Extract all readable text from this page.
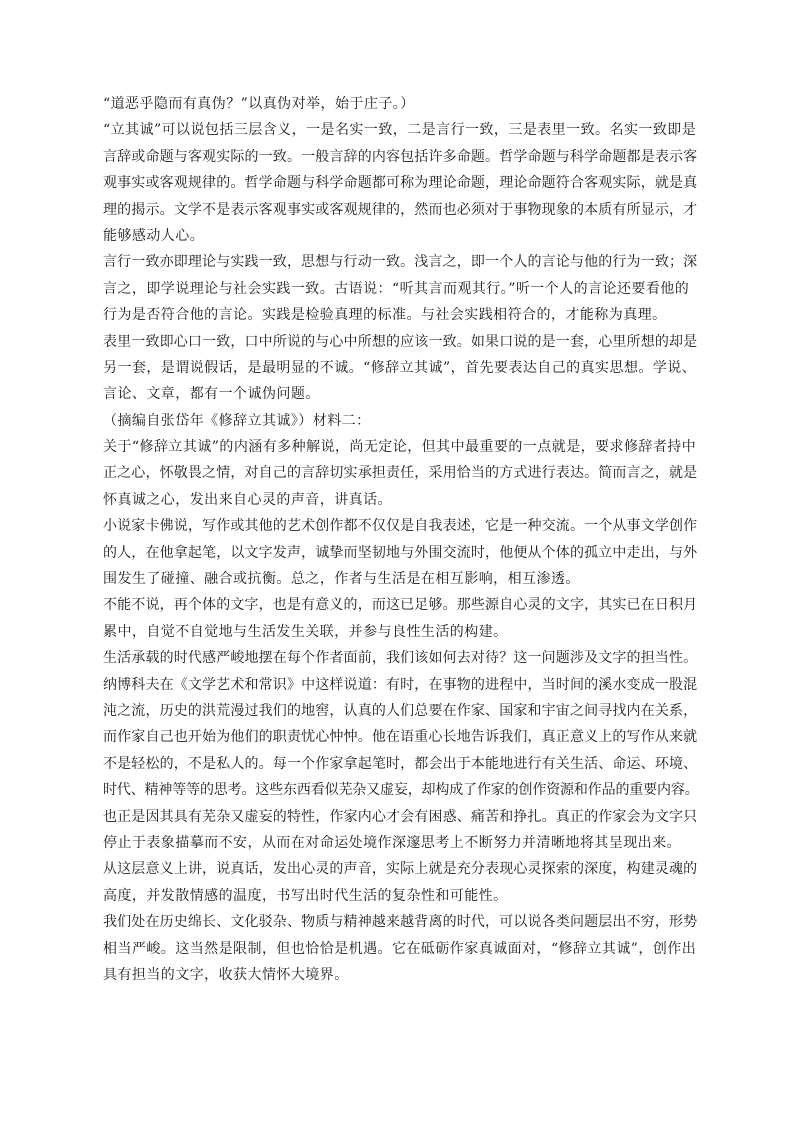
“道恶乎隐而有真伪？”以真伪对举，始于庄子。）
“立其诚”可以说包括三层含义，一是名实一致，二是言行一致，三是表里一致。名实一致即是
言辞或命题与客观实际的一致。一般言辞的内容包括许多命题。哲学命题与科学命题都是表示客
观事实或客观规律的。哲学命题与科学命题都可称为理论命题，理论命题符合客观实际，就是真
理的揭示。文学不是表示客观事实或客观规律的，然而也必须对于事物现象的本质有所显示，才
能够感动人心。
言行一致亦即理论与实践一致，思想与行动一致。浅言之，即一个人的言论与他的行为一致；深
言之，即学说理论与社会实践一致。古语说：“听其言而观其行。”听一个人的言论还要看他的
行为是否符合他的言论。实践是检验真理的标准。与社会实践相符合的，才能称为真理。
表里一致即心口一致，口中所说的与心中所想的应该一致。如果口说的是一套，心里所想的却是
另一套，是谓说假话，是最明显的不诚。“修辞立其诚”，首先要表达自己的真实思想。学说、
言论、文章，都有一个诚伪问题。
（摘编自张岱年《修辞立其诚》）材料二：
关于“修辞立其诚”的内涵有多种解说，尚无定论，但其中最重要的一点就是，要求修辞者持中
正之心，怀敬畏之情，对自己的言辞切实承担责任，采用恰当的方式进行表达。简而言之，就是
怀真诚之心，发出来自心灵的声音，讲真话。
小说家卡佛说，写作或其他的艺术创作都不仅仅是自我表述，它是一种交流。一个从事文学创作
的人，在他拿起笔，以文字发声，诚挚而坚韧地与外围交流时，他便从个体的孤立中走出，与外
围发生了碰撞、融合或抗衡。总之，作者与生活是在相互影响，相互渗透。
不能不说，再个体的文字，也是有意义的，而这已足够。那些源自心灵的文字，其实已在日积月
累中，自觉不自觉地与生活发生关联，并参与良性生活的构建。
生活承载的时代感严峻地摆在每个作者面前，我们该如何去对待？这一问题涉及文字的担当性。
纳博科夫在《文学艺术和常识》中这样说道：有时，在事物的进程中，当时间的溪水变成一股混
沌之流，历史的洪荒漫过我们的地窖，认真的人们总要在作家、国家和宇宙之间寻找内在关系，
而作家自己也开始为他们的职责忧心忡忡。他在语重心长地告诉我们，真正意义上的写作从来就
不是轻松的，不是私人的。每一个作家拿起笔时，都会出于本能地进行有关生活、命运、环境、
时代、精神等等的思考。这些东西看似芜杂又虚妄，却构成了作家的创作资源和作品的重要内容。
也正是因其具有芜杂又虚妄的特性，作家内心才会有困惑、痛苦和挣扎。真正的作家会为文字只
停止于表象描摹而不安，从而在对命运处境作深邃思考上不断努力并清晰地将其呈现出来。
从这层意义上讲，说真话，发出心灵的声音，实际上就是充分表现心灵探索的深度，构建灵魂的
高度，并发散情感的温度，书写出时代生活的复杂性和可能性。
我们处在历史绵长、文化驳杂、物质与精神越来越背离的时代，可以说各类问题层出不穷，形势
相当严峻。这当然是限制，但也恰恰是机遇。它在砥砺作家真诚面对，“修辞立其诚”，创作出
具有担当的文字，收获大情怀大境界。
